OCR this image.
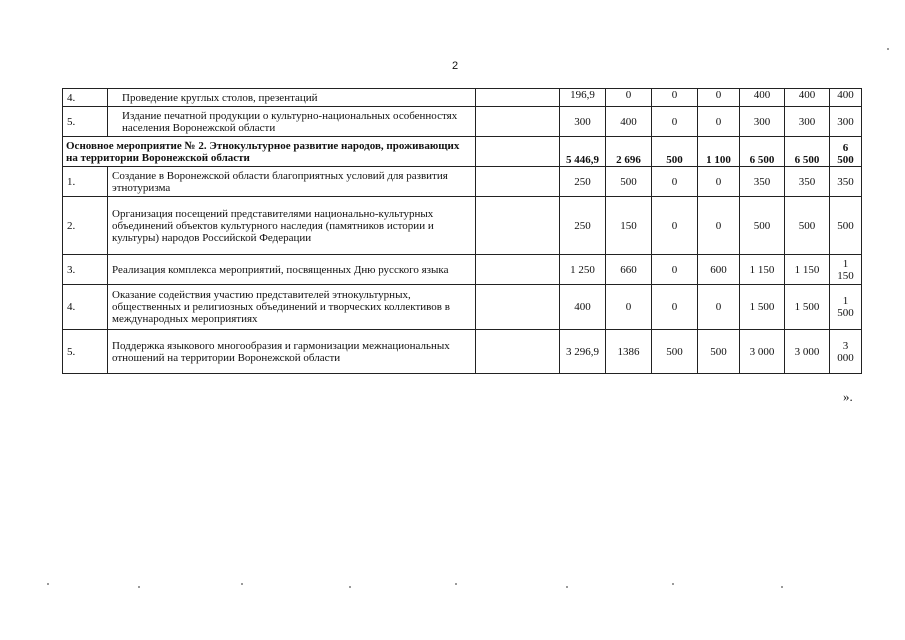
2
4.	Проведение круглых столов, презентаций		196,9	0	0	0	400	400	400
5.	Издание печатной продукции о культурно-национальных особенностях населения Воронежской области		300	400	0	0	300	300	300
Основное мероприятие № 2. Этнокультурное развитие народов, проживающих на территории Воронежской области			5 446,9	2 696	500	1 100	6 500	6 500	6 500
1.	Создание в Воронежской области благоприятных условий для развития этнотуризма		250	500	0	0	350	350	350
2.	Организация посещений представителями национально-культурных объединений объектов культурного наследия (памятников истории и культуры) народов Российской Федерации		250	150	0	0	500	500	500
3.	Реализация комплекса мероприятий, посвященных Дню русского языка		1 250	660	0	600	1 150	1 150	1 150
4.	Оказание содействия участию представителей этнокультурных, общественных и религиозных объединений и творческих коллективов в международных мероприятиях		400	0	0	0	1 500	1 500	1 500
5.	Поддержка языкового многообразия и гармонизации межнациональных отношений на территории Воронежской области		3 296,9	1386	500	500	3 000	3 000	3 000
».
